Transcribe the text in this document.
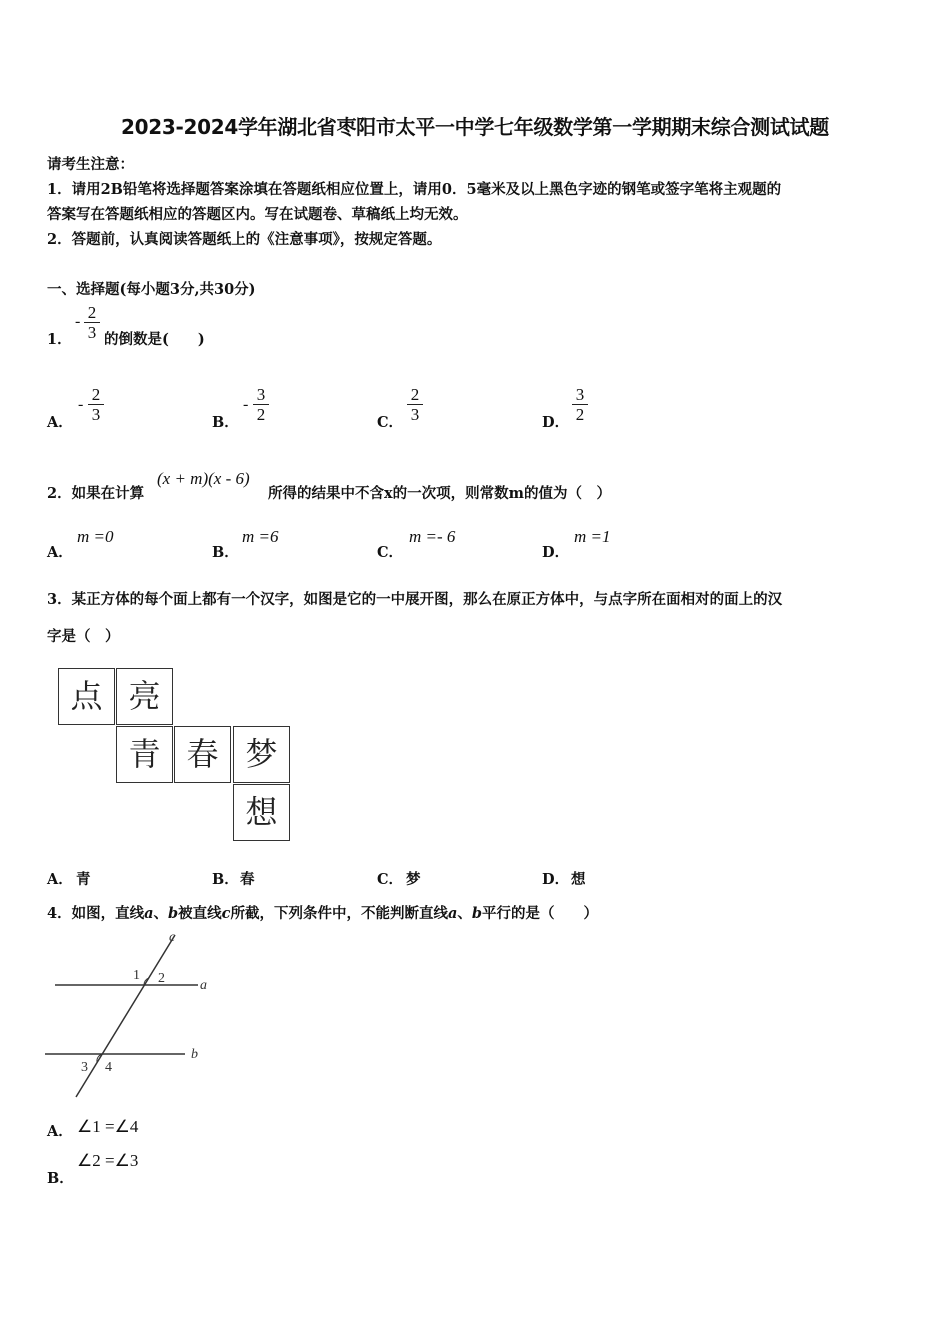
2023-2024学年湖北省枣阳市太平一中学七年级数学第一学期期末综合测试试题
请考生注意：
1．请用2B铅笔将选择题答案涂填在答题纸相应位置上，请用0．5毫米及以上黑色字迹的钢笔或签字笔将主观题的
答案写在答题纸相应的答题区内。写在试题卷、草稿纸上均无效。
2．答题前，认真阅读答题纸上的《注意事项》，按规定答题。
一、选择题(每小题3分,共30分)
1．
- $\frac{2}{3}$ 的倒数是(　　)
A．
- $\frac{2}{3}$	B．
- $\frac{3}{2}$	C． $\frac{2}{3}$	D． $\frac{3}{2}$
2．如果在计算
(x + m)(x - 6)
所得的结果中不含x的一次项，则常数m的值为（　）
A．
m =0
B．
m =6
C．
m =- 6
D．
m =1
3．某正方体的每个面上都有一个汉字，如图是它的一中展开图，那么在原正方体中，与点字所在面相对的面上的汉
字是（　）
点 亮
青 春 梦
想
A． 青	B． 春	C． 梦	D． 想
4．如图，直线a、b被直线c所截，下列条件中，不能判断直线a、b平行的是（　　）
a
b
c
1 2
3 4
A． ∠1 =∠4
B．
∠2 =∠3
